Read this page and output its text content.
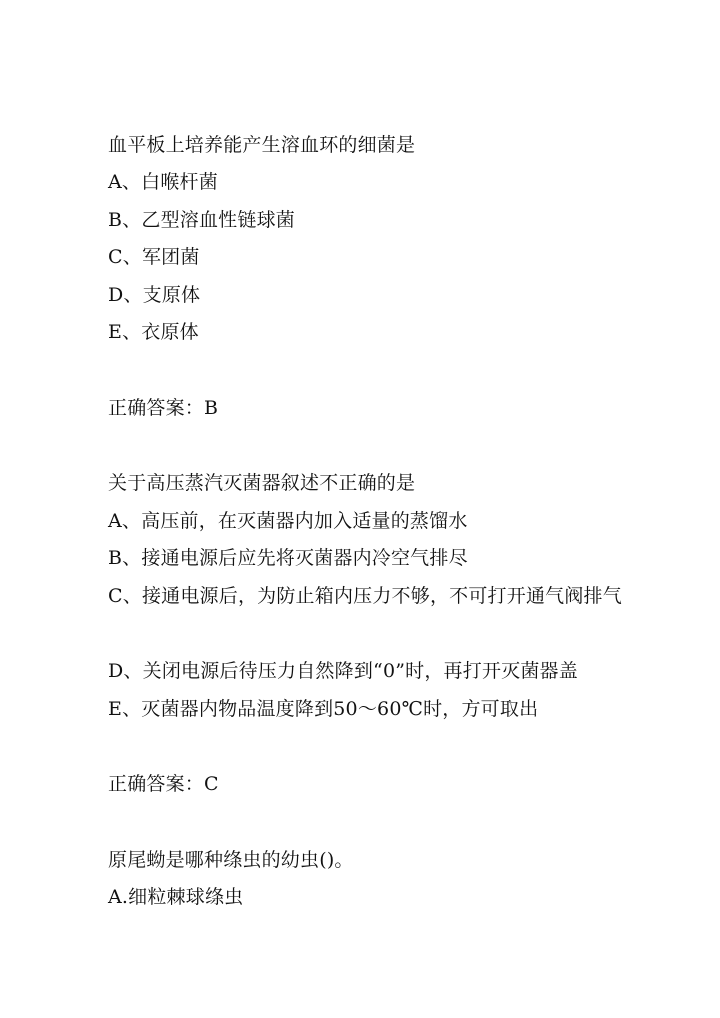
血平板上培养能产生溶血环的细菌是
A、白喉杆菌
B、乙型溶血性链球菌
C、军团菌
D、支原体
E、衣原体
正确答案：B
关于高压蒸汽灭菌器叙述不正确的是
A、高压前，在灭菌器内加入适量的蒸馏水
B、接通电源后应先将灭菌器内冷空气排尽
C、接通电源后，为防止箱内压力不够，不可打开通气阀排气
D、关闭电源后待压力自然降到“0”时，再打开灭菌器盖
E、灭菌器内物品温度降到50～60℃时，方可取出
正确答案：C
原尾蚴是哪种绦虫的幼虫()。
A.细粒棘球绦虫
